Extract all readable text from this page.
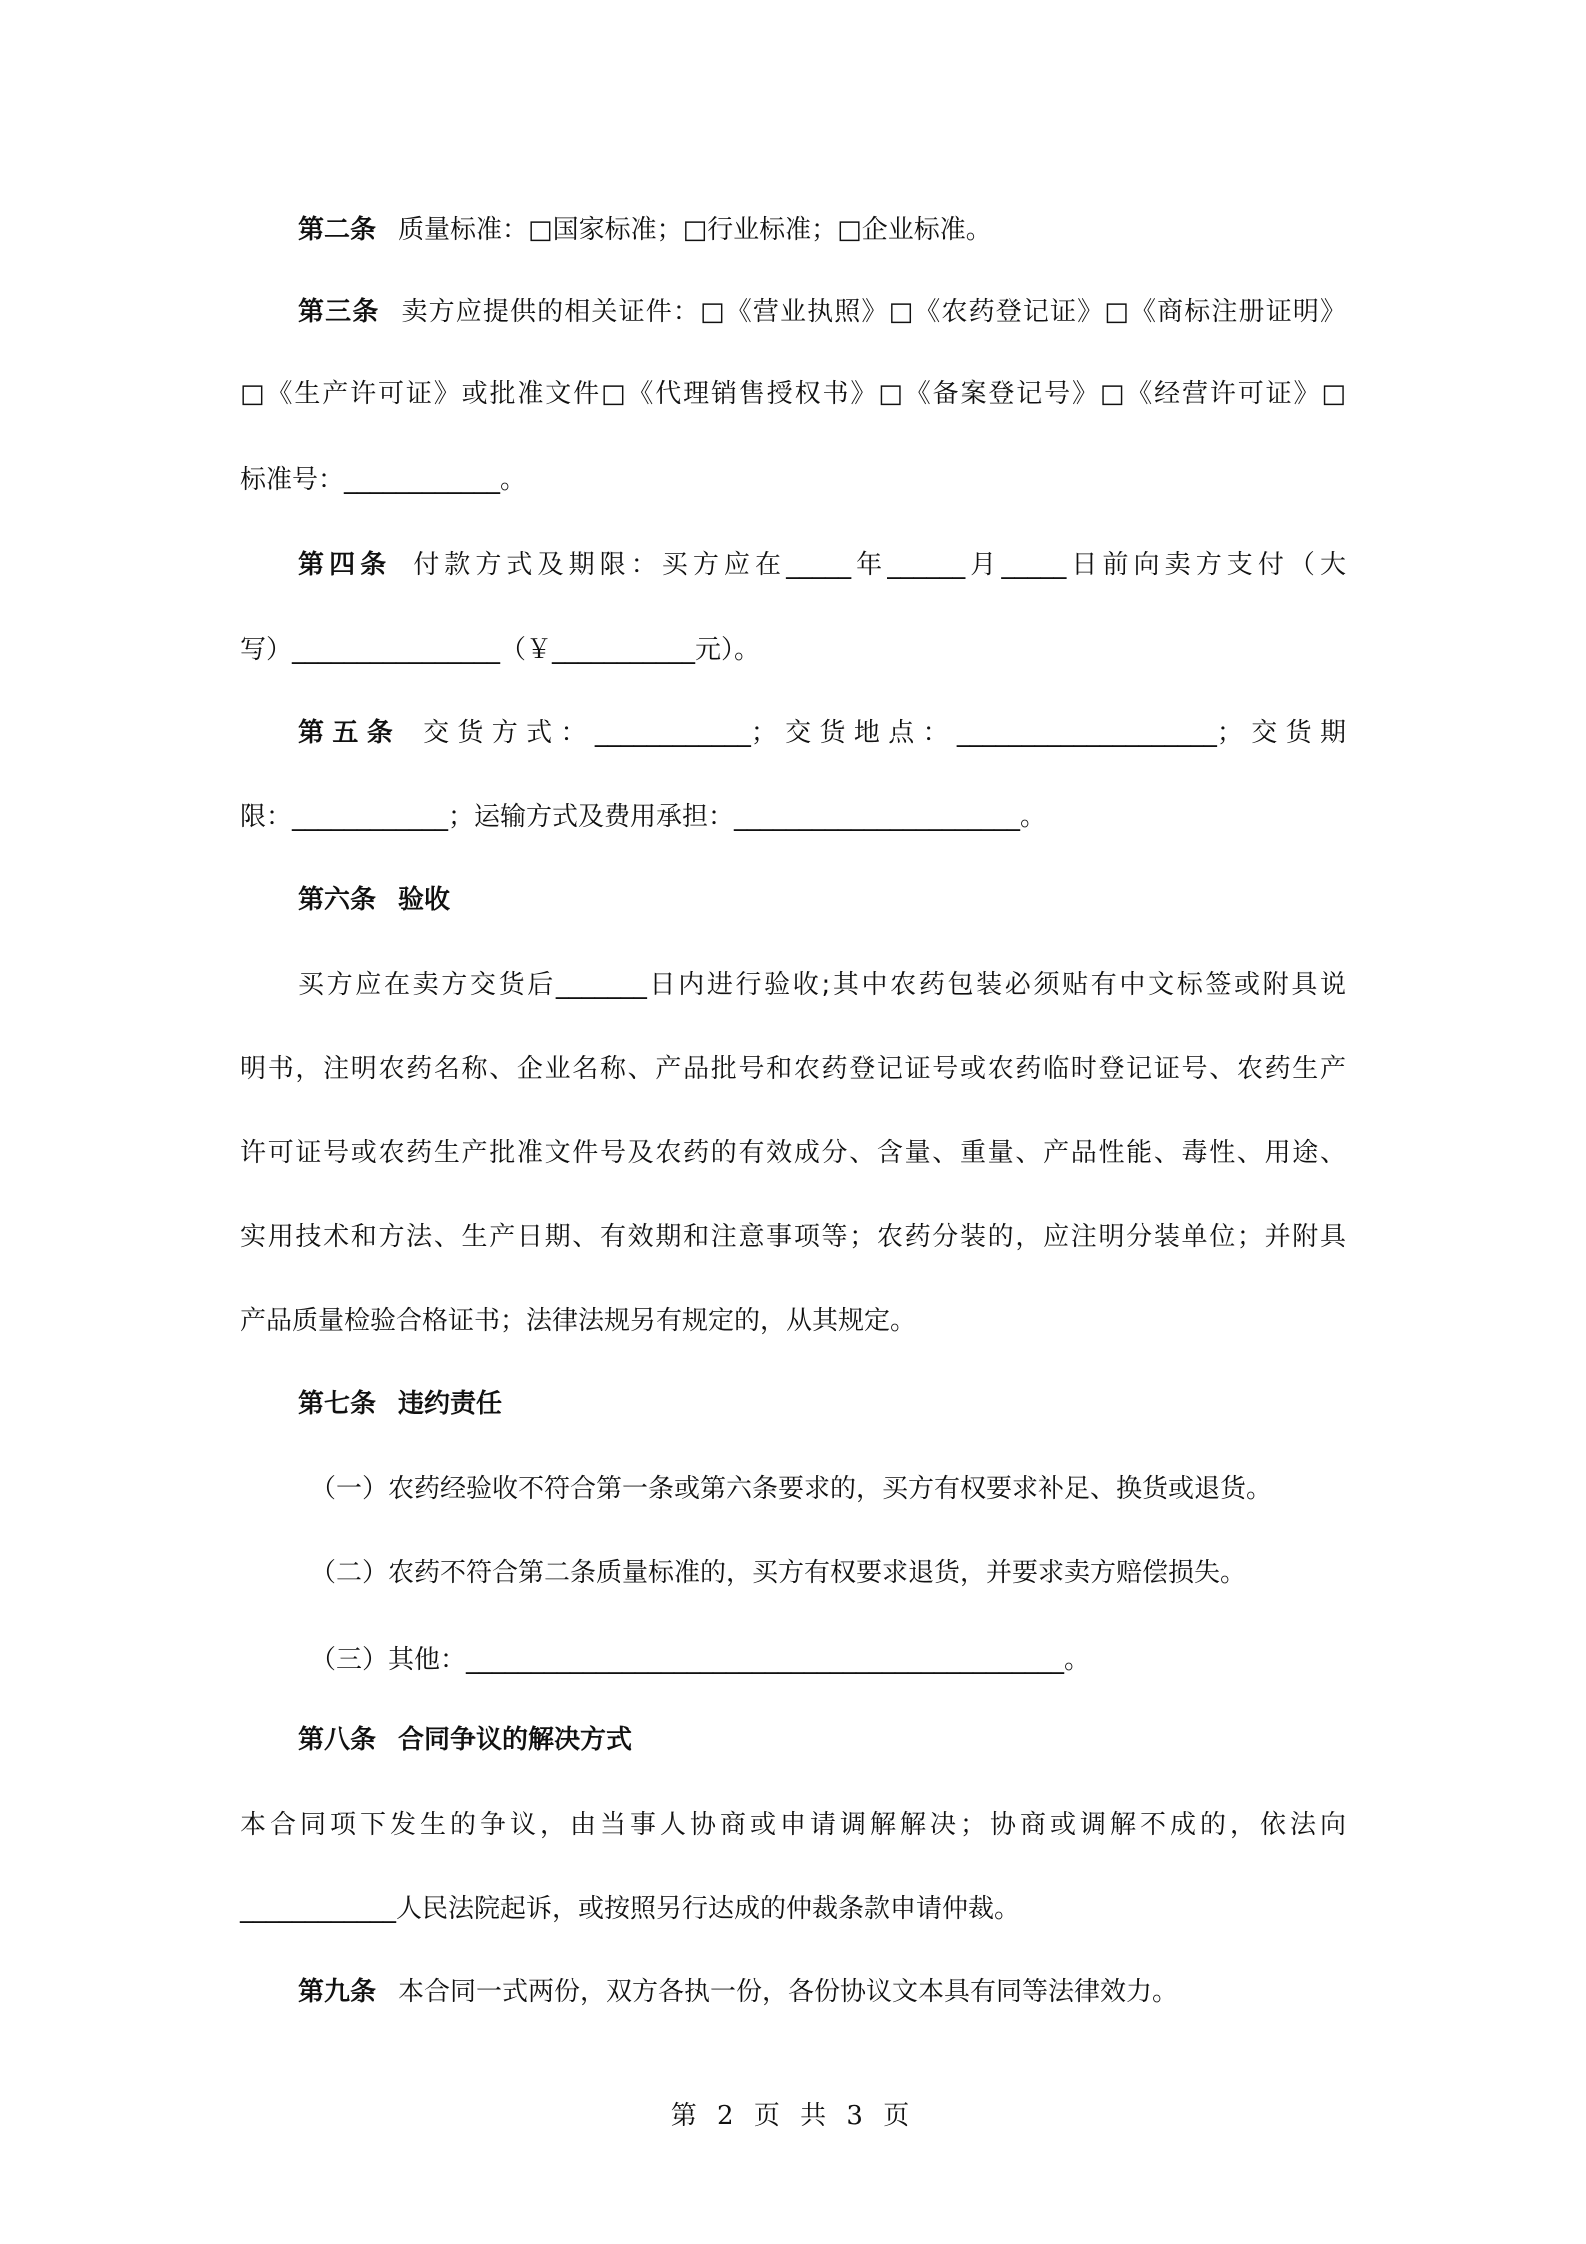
第二条 质量标准：□国家标准；□行业标准；□企业标准。
第三条 卖方应提供的相关证件：□《营业执照》□《农药登记证》□《商标注册证明》
□《生产许可证》或批准文件□《代理销售授权书》□《备案登记号》□《经营许可证》□
标准号：____________。
第四条 付款方式及期限：买方应在_____年______月_____日前向卖方支付（大
写）________________（￥___________元）。
第五条 交货方式：____________；交货地点：____________________；交货期
限：____________；运输方式及费用承担：______________________。
第六条 验收
买方应在卖方交货后_______日内进行验收;其中农药包装必须贴有中文标签或附具说
明书，注明农药名称、企业名称、产品批号和农药登记证号或农药临时登记证号、农药生产
许可证号或农药生产批准文件号及农药的有效成分、含量、重量、产品性能、毒性、用途、
实用技术和方法、生产日期、有效期和注意事项等；农药分装的，应注明分装单位；并附具
产品质量检验合格证书；法律法规另有规定的，从其规定。
第七条 违约责任
（一）农药经验收不符合第一条或第六条要求的，买方有权要求补足、换货或退货。
（二）农药不符合第二条质量标准的，买方有权要求退货，并要求卖方赔偿损失。
（三）其他：______________________________________________。
第八条 合同争议的解决方式
本合同项下发生的争议，由当事人协商或申请调解解决；协商或调解不成的，依法向
____________人民法院起诉，或按照另行达成的仲裁条款申请仲裁。
第九条 本合同一式两份，双方各执一份，各份协议文本具有同等法律效力。
第 2 页 共 3 页
